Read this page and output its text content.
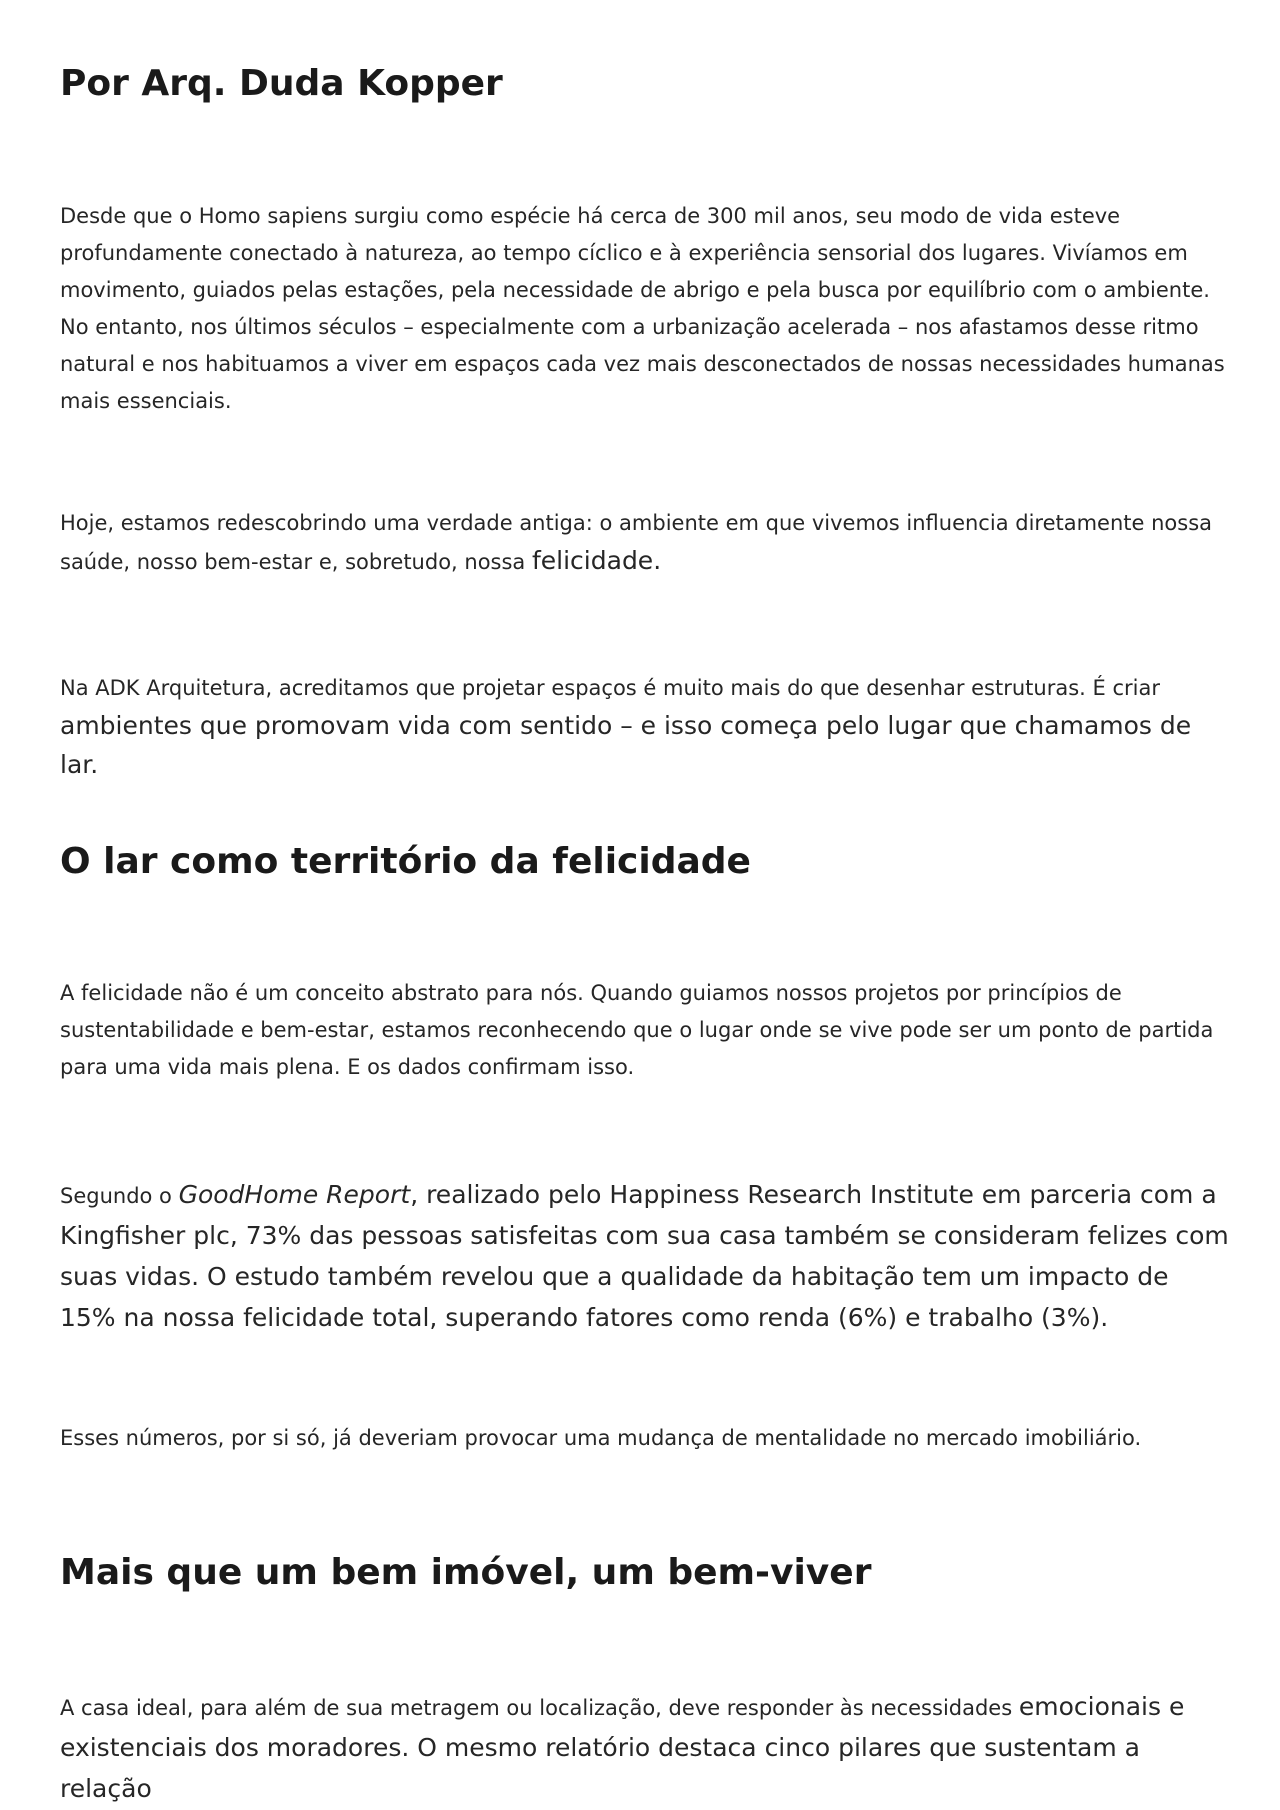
Por Arq. Duda Kopper

Desde que o Homo sapiens surgiu como espécie há cerca de 300 mil anos, seu modo de vida esteve profundamente conectado à natureza, ao tempo cíclico e à experiência sensorial dos lugares. Vivíamos em movimento, guiados pelas estações, pela necessidade de abrigo e pela busca por equilíbrio com o ambiente. No entanto, nos últimos séculos – especialmente com a urbanização acelerada – nos afastamos desse ritmo natural e nos habituamos a viver em espaços cada vez mais desconectados de nossas necessidades humanas mais essenciais.

Hoje, estamos redescobrindo uma verdade antiga: o ambiente em que vivemos influencia diretamente nossa saúde, nosso bem-estar e, sobretudo, nossa felicidade.

Na ADK Arquitetura, acreditamos que projetar espaços é muito mais do que desenhar estruturas. É criar ambientes que promovam vida com sentido – e isso começa pelo lugar que chamamos de lar.

O lar como território da felicidade

A felicidade não é um conceito abstrato para nós. Quando guiamos nossos projetos por princípios de sustentabilidade e bem-estar, estamos reconhecendo que o lugar onde se vive pode ser um ponto de partida para uma vida mais plena. E os dados confirmam isso.

Segundo o GoodHome Report, realizado pelo Happiness Research Institute em parceria com a Kingfisher plc, 73% das pessoas satisfeitas com sua casa também se consideram felizes com suas vidas. O estudo também revelou que a qualidade da habitação tem um impacto de 15% na nossa felicidade total, superando fatores como renda (6%) e trabalho (3%).

Esses números, por si só, já deveriam provocar uma mudança de mentalidade no mercado imobiliário.

Mais que um bem imóvel, um bem-viver

A casa ideal, para além de sua metragem ou localização, deve responder às necessidades emocionais e existenciais dos moradores. O mesmo relatório destaca cinco pilares que sustentam a relação
